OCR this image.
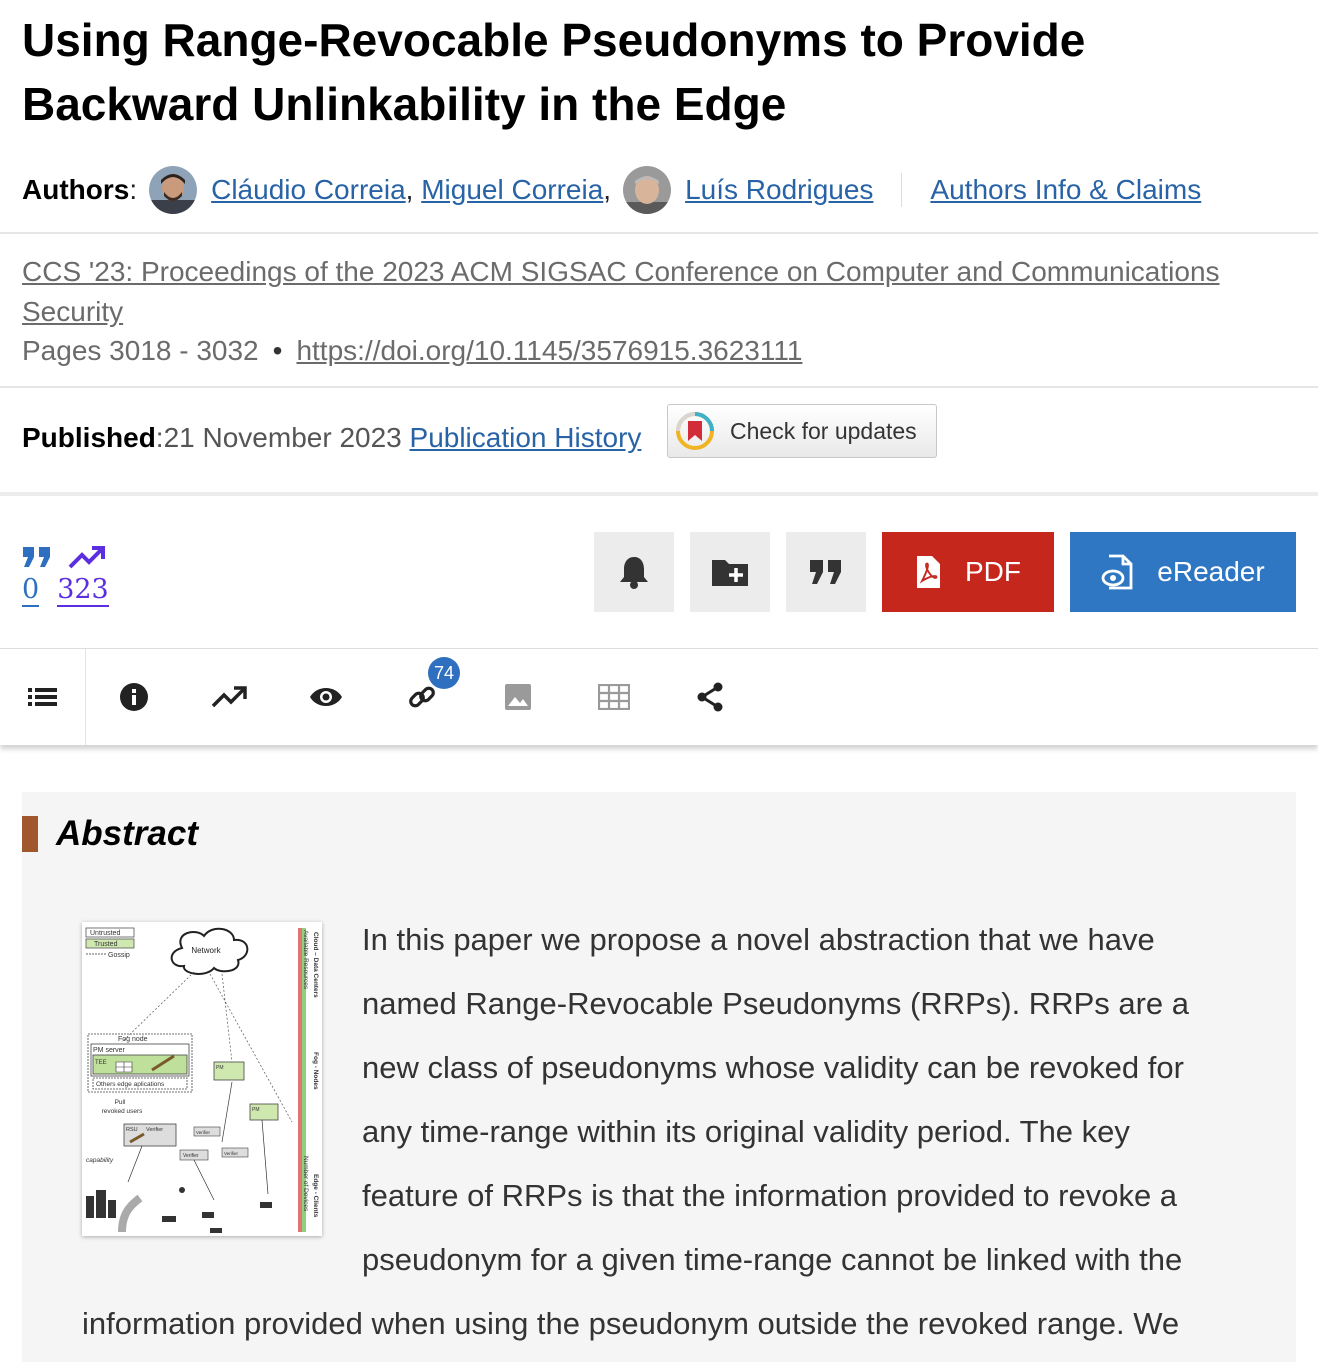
Using Range-Revocable Pseudonyms to Provide Backward Unlinkability in the Edge
Authors :	Cláudio Correia ,
Miguel Correia ,	Luís Rodrigues Authors Info & Claims
CCS '23: Proceedings of the 2023 ACM SIGSAC Conference on Computer and Communications Security
Pages 3018 - 3032 • https://doi.org/10.1145/3576915.3623111
Published : 21 November 2023
Publication History	Check for updates
0 323
PDF	eReader
74
Abstract
Untrusted
Trusted
Gossip
Network
Fog node
PM server
TEE
Others edge aplications
PM
PM
Pull
revoked users
RSU Verifier	Verifier
Verifier	Verifier
capability
Available Resources
Number of Devices
Cloud – Data Centers
Fog - Nodes
Edge - Clients
In this paper we propose a novel abstraction that we have named Range-Revocable Pseudonyms (RRPs). RRPs are a new class of pseudonyms whose validity can be revoked for any time-range within its original validity period. The key feature of RRPs is that the information provided to revoke a pseudonym for a given time-range cannot be linked with the information provided when using the pseudonym outside the revoked range. We
